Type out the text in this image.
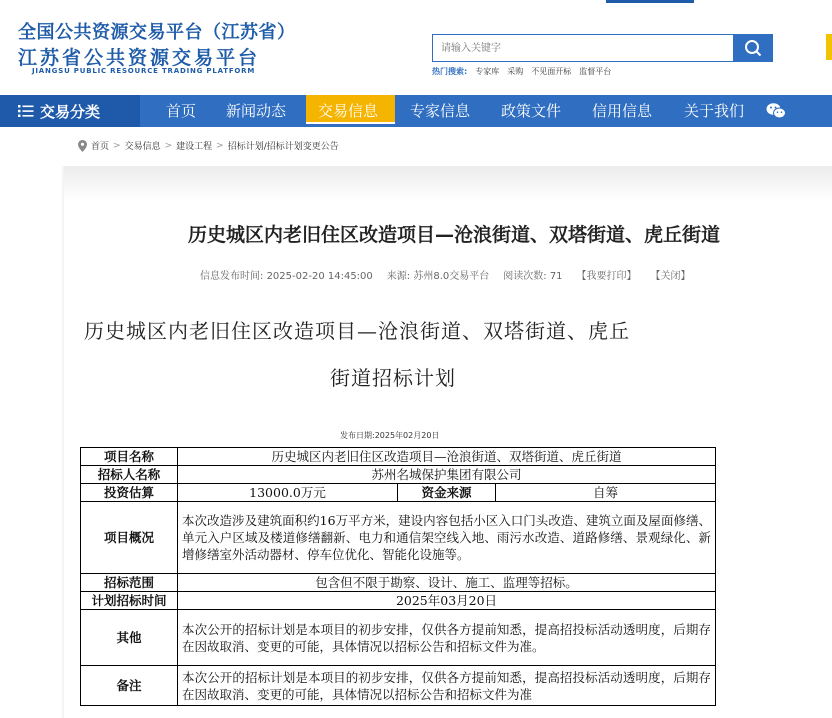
全国公共资源交易平台（江苏省）
江苏省公共资源交易平台
JIANGSU PUBLIC RESOURCE TRADING PLATFORM
请输入关键字	热门搜索: 专家库 采购 不见面开标 监督平台
交易分类	首页 新闻动态 交易信息 专家信息 政策文件 信用信息 关于我们
首页 > 交易信息 > 建设工程 > 招标计划/招标计划变更公告
历史城区内老旧住区改造项目—沧浪街道、双塔街道、虎丘街道
信息发布时间: 2025-02-20 14:45:00 来源: 苏州8.0交易平台 阅读次数: 71 【我要打印】 【关闭】
历史城区内老旧住区改造项目—沧浪街道、双塔街道、虎丘
街道招标计划
发布日期:2025年02月20日
项目名称	历史城区内老旧住区改造项目—沧浪街道、双塔街道、虎丘街道		
招标人名称	苏州名城保护集团有限公司		
投资估算	13000.0万元	资金来源	自筹
项目概况	本次改造涉及建筑面积约16万平方米，建设内容包括小区入口门头改造、建筑立面及屋面修缮、单元入户区域及楼道修缮翻新、电力和通信架空线入地、雨污水改造、道路修缮、景观绿化、新增修缮室外活动器材、停车位优化、智能化设施等。		
招标范围	包含但不限于勘察、设计、施工、监理等招标。		
计划招标时间	2025年03月20日		
其他	本次公开的招标计划是本项目的初步安排，仅供各方提前知悉，提高招投标活动透明度，后期存在因故取消、变更的可能，具体情况以招标公告和招标文件为准。		
备注	本次公开的招标计划是本项目的初步安排，仅供各方提前知悉，提高招投标活动透明度，后期存在因故取消、变更的可能，具体情况以招标公告和招标文件为准		
